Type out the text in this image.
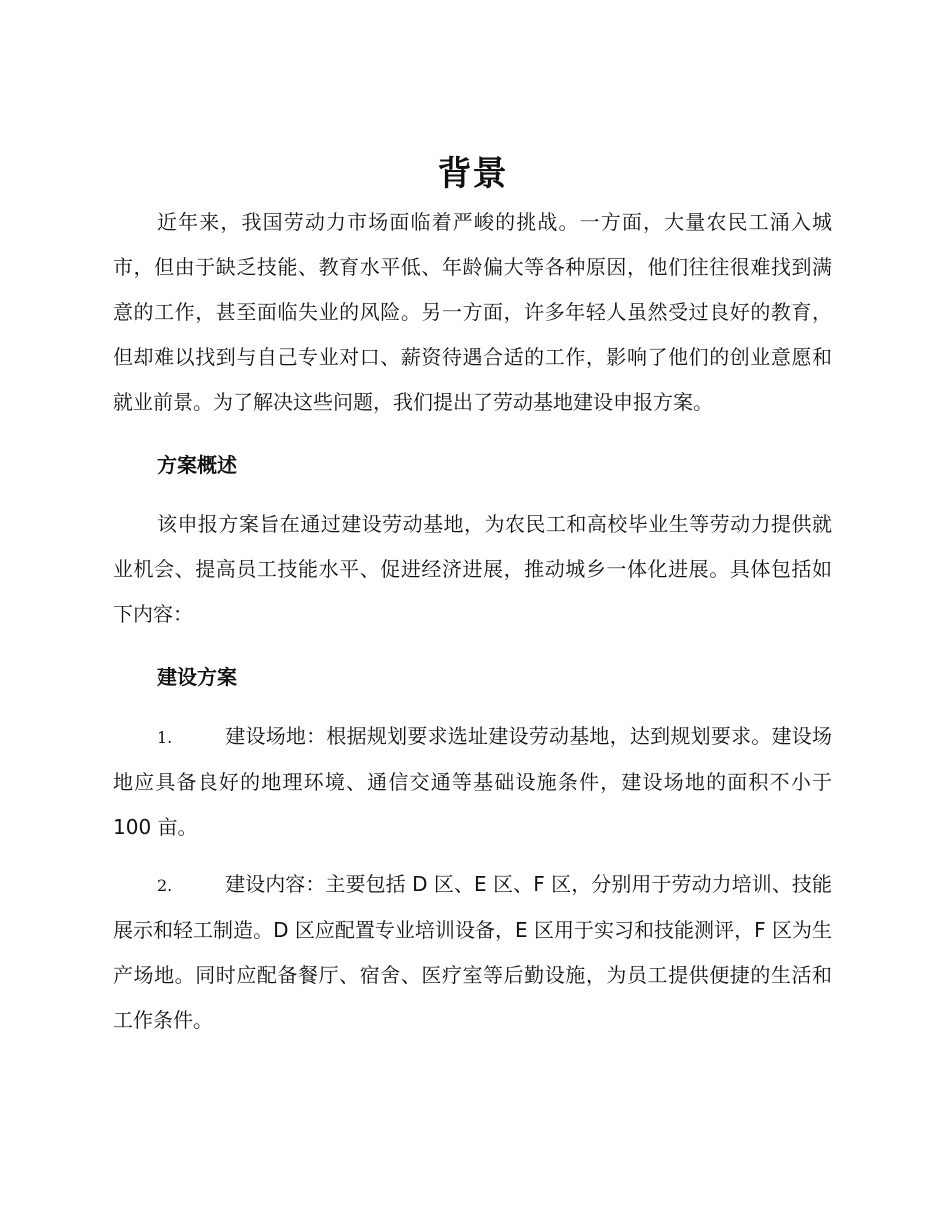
背景

近年来，我国劳动力市场面临着严峻的挑战。一方面，大量农民工涌入城市，但由于缺乏技能、教育水平低、年龄偏大等各种原因，他们往往很难找到满意的工作，甚至面临失业的风险。另一方面，许多年轻人虽然受过良好的教育，但却难以找到与自己专业对口、薪资待遇合适的工作，影响了他们的创业意愿和就业前景。为了解决这些问题，我们提出了劳动基地建设申报方案。

方案概述

该申报方案旨在通过建设劳动基地，为农民工和高校毕业生等劳动力提供就业机会、提高员工技能水平、促进经济进展，推动城乡一体化进展。具体包括如下内容：

建设方案

1.	建设场地：根据规划要求选址建设劳动基地，达到规划要求。建设场地应具备良好的地理环境、通信交通等基础设施条件，建设场地的面积不小于 100 亩。

2.	建设内容：主要包括 D 区、E 区、F 区，分别用于劳动力培训、技能展示和轻工制造。D 区应配置专业培训设备，E 区用于实习和技能测评，F 区为生产场地。同时应配备餐厅、宿舍、医疗室等后勤设施，为员工提供便捷的生活和工作条件。
